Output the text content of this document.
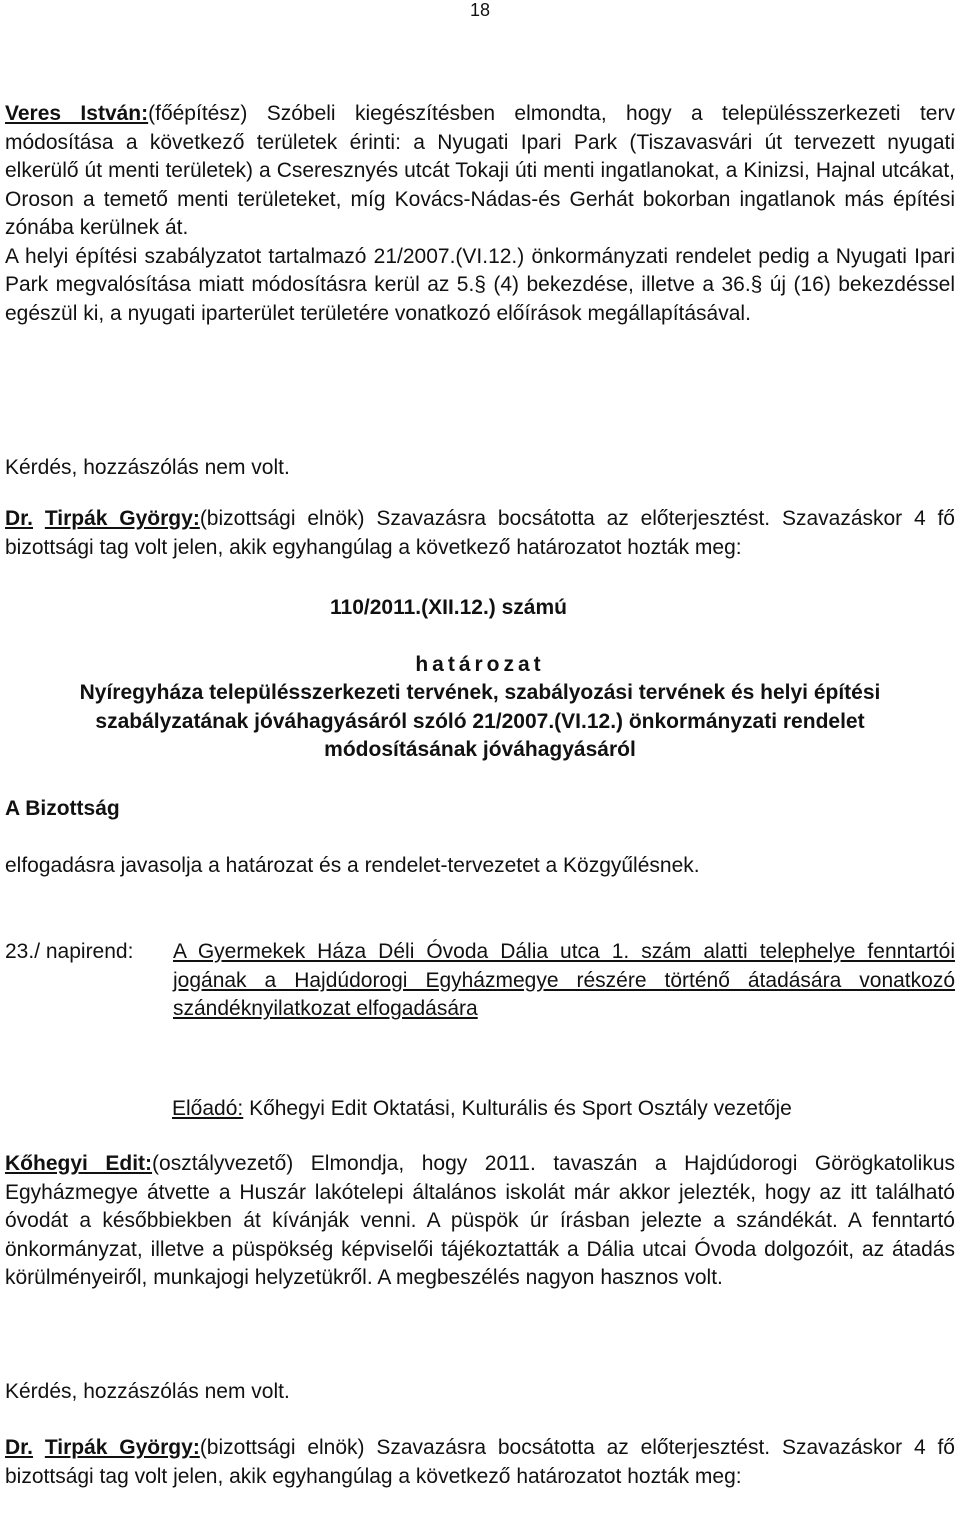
18

Veres István:(főépítész) Szóbeli kiegészítésben elmondta, hogy a településszerkezeti terv módosítása a következő területek érinti: a Nyugati Ipari Park (Tiszavasvári út tervezett nyugati elkerülő út menti területek) a Cseresznyés utcát Tokaji úti menti ingatlanokat, a Kinizsi, Hajnal utcákat, Oroson a temető menti területeket, míg Kovács-Nádas-és Gerhát bokorban ingatlanok más építési zónába kerülnek át.

A helyi építési szabályzatot tartalmazó 21/2007.(VI.12.) önkormányzati rendelet pedig a Nyugati Ipari Park megvalósítása miatt módosításra kerül az 5.§ (4) bekezdése, illetve a 36.§ új (16) bekezdéssel egészül ki, a nyugati iparterület területére vonatkozó előírások megállapításával.

Kérdés, hozzászólás nem volt.

Dr. Tirpák György:(bizottsági elnök) Szavazásra bocsátotta az előterjesztést. Szavazáskor 4 fő bizottsági tag volt jelen, akik egyhangúlag a következő határozatot hozták meg:

110/2011.(XII.12.) számú
határozat

Nyíregyháza településszerkezeti tervének, szabályozási tervének és helyi építési szabályzatának jóváhagyásáról szóló 21/2007.(VI.12.) önkormányzati rendelet módosításának jóváhagyásáról

A Bizottság
elfogadásra javasolja a határozat és a rendelet-tervezetet a Közgyűlésnek.
23./ napirend:	A Gyermekek Háza Déli Óvoda Dália utca 1. szám alatti telephelye fenntartói jogának a Hajdúdorogi Egyházmegye részére történő átadására vonatkozó szándéknyilatkozat elfogadására
Előadó: Kőhegyi Edit Oktatási, Kulturális és Sport Osztály vezetője

Kőhegyi Edit:(osztályvezető) Elmondja, hogy 2011. tavaszán a Hajdúdorogi Görögkatolikus Egyházmegye átvette a Huszár lakótelepi általános iskolát már akkor jelezték, hogy az itt található óvodát a későbbiekben át kívánják venni. A püspök úr írásban jelezte a szándékát. A fenntartó önkormányzat, illetve a püspökség képviselői tájékoztatták a Dália utcai Óvoda dolgozóit, az átadás körülményeiről, munkajogi helyzetükről. A megbeszélés nagyon hasznos volt.

Kérdés, hozzászólás nem volt.

Dr. Tirpák György:(bizottsági elnök) Szavazásra bocsátotta az előterjesztést. Szavazáskor 4 fő bizottsági tag volt jelen, akik egyhangúlag a következő határozatot hozták meg:
